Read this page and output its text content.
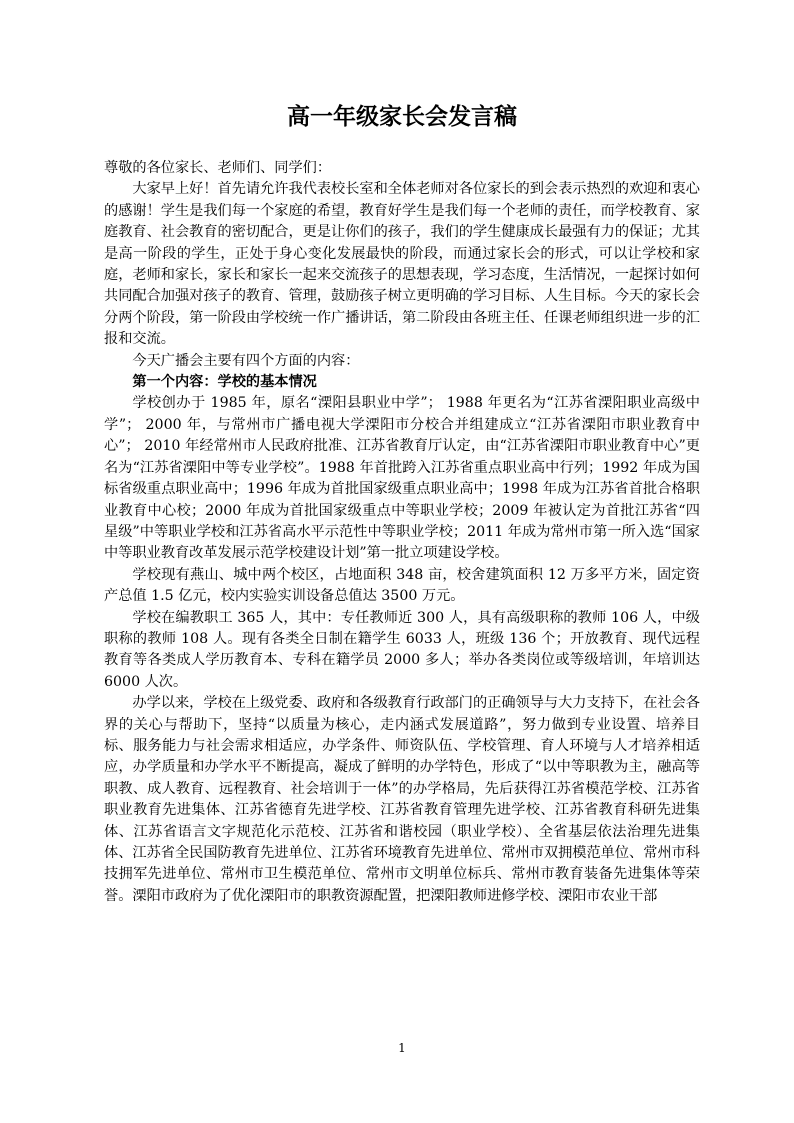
高一年级家长会发言稿

尊敬的各位家长、老师们、同学们：

大家早上好！首先请允许我代表校长室和全体老师对各位家长的到会表示热烈的欢迎和衷心的感谢！学生是我们每一个家庭的希望，教育好学生是我们每一个老师的责任，而学校教育、家庭教育、社会教育的密切配合，更是让你们的孩子，我们的学生健康成长最强有力的保证；尤其是高一阶段的学生，正处于身心变化发展最快的阶段，而通过家长会的形式，可以让学校和家庭，老师和家长，家长和家长一起来交流孩子的思想表现，学习态度，生活情况，一起探讨如何共同配合加强对孩子的教育、管理，鼓励孩子树立更明确的学习目标、人生目标。今天的家长会分两个阶段，第一阶段由学校统一作广播讲话，第二阶段由各班主任、任课老师组织进一步的汇报和交流。

今天广播会主要有四个方面的内容：

第一个内容：学校的基本情况

学校创办于 1985 年，原名“溧阳县职业中学”； 1988 年更名为“江苏省溧阳职业高级中学”； 2000 年，与常州市广播电视大学溧阳市分校合并组建成立“江苏省溧阳市职业教育中心”； 2010 年经常州市人民政府批准、江苏省教育厅认定，由“江苏省溧阳市职业教育中心”更名为“江苏省溧阳中等专业学校”。1988 年首批跨入江苏省重点职业高中行列；1992 年成为国标省级重点职业高中；1996 年成为首批国家级重点职业高中；1998 年成为江苏省首批合格职业教育中心校；2000 年成为首批国家级重点中等职业学校；2009 年被认定为首批江苏省“四星级”中等职业学校和江苏省高水平示范性中等职业学校；2011 年成为常州市第一所入选“国家中等职业教育改革发展示范学校建设计划”第一批立项建设学校。

学校现有燕山、城中两个校区，占地面积 348 亩，校舍建筑面积 12 万多平方米，固定资产总值 1.5 亿元，校内实验实训设备总值达 3500 万元。

学校在编教职工 365 人，其中：专任教师近 300 人，具有高级职称的教师 106 人，中级职称的教师 108 人。现有各类全日制在籍学生 6033 人，班级 136 个；开放教育、现代远程教育等各类成人学历教育本、专科在籍学员 2000 多人；举办各类岗位或等级培训，年培训达 6000 人次。

办学以来，学校在上级党委、政府和各级教育行政部门的正确领导与大力支持下，在社会各界的关心与帮助下，坚持“以质量为核心，走内涵式发展道路”，努力做到专业设置、培养目标、服务能力与社会需求相适应，办学条件、师资队伍、学校管理、育人环境与人才培养相适应，办学质量和办学水平不断提高，凝成了鲜明的办学特色，形成了“以中等职教为主，融高等职教、成人教育、远程教育、社会培训于一体”的办学格局，先后获得江苏省模范学校、江苏省职业教育先进集体、江苏省德育先进学校、江苏省教育管理先进学校、江苏省教育科研先进集体、江苏省语言文字规范化示范校、江苏省和谐校园（职业学校）、全省基层依法治理先进集体、江苏省全民国防教育先进单位、江苏省环境教育先进单位、常州市双拥模范单位、常州市科技拥军先进单位、常州市卫生模范单位、常州市文明单位标兵、常州市教育装备先进集体等荣誉。溧阳市政府为了优化溧阳市的职教资源配置，把溧阳教师进修学校、溧阳市农业干部

1
